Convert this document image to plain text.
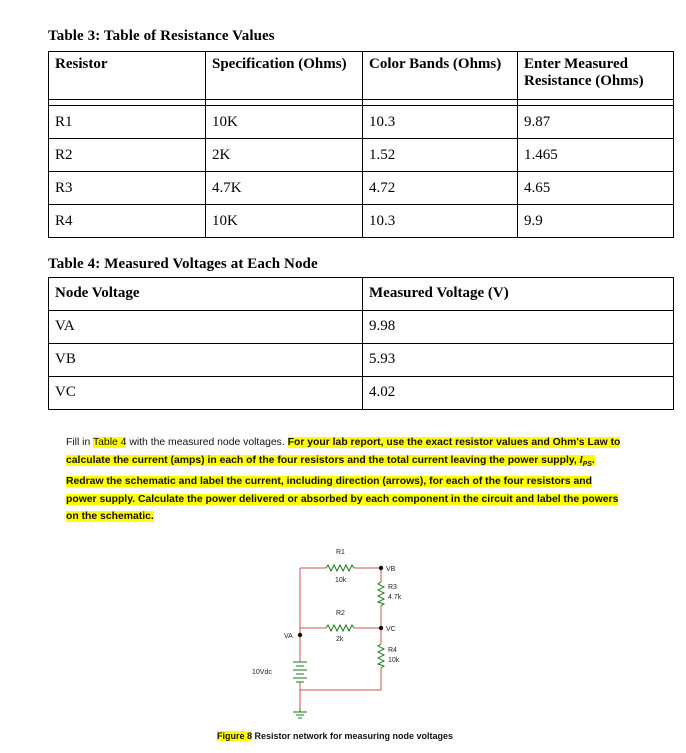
Table 3: Table of Resistance Values
Resistor	Specification (Ohms)	Color Bands (Ohms)	Enter Measured Resistance (Ohms)

R1	10K	10.3	9.87
R2	2K	1.52	1.465
R3	4.7K	4.72	4.65
R4	10K	10.3	9.9
Table 4: Measured Voltages at Each Node
Node Voltage	Measured Voltage (V)
VA	9.98
VB	5.93
VC	4.02
Fill in Table 4 with the measured node voltages. For your lab report, use the exact resistor values and Ohm's Law to calculate the current (amps) in each of the four resistors and the total current leaving the power supply, $I_{PS}$. Redraw the schematic and label the current, including direction (arrows), for each of the four resistors and power supply. Calculate the power delivered or absorbed by each component in the circuit and label the powers on the schematic.
R1
10k
R2
2k
R3
4.7k
R4
10k
VB
VC
VA
10Vdc
Figure 8 Resistor network for measuring node voltages
